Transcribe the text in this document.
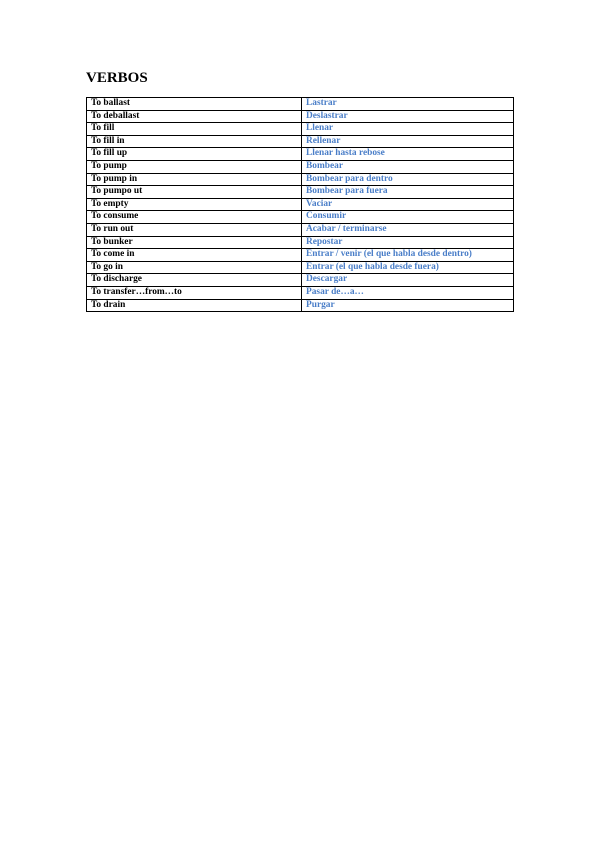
VERBOS
To ballast	Lastrar
To deballast	Deslastrar
To fill	Llenar
To fill in	Rellenar
To fill up	Llenar hasta rebose
To pump	Bombear
To pump in	Bombear para dentro
To pumpo ut	Bombear para fuera
To empty	Vaciar
To consume	Consumir
To run out	Acabar / terminarse
To bunker	Repostar
To come in	Entrar / venir (el que habla desde dentro)
To go in	Entrar (el que habla desde fuera)
To discharge	Descargar
To transfer…from…to	Pasar de…a…
To drain	Purgar
